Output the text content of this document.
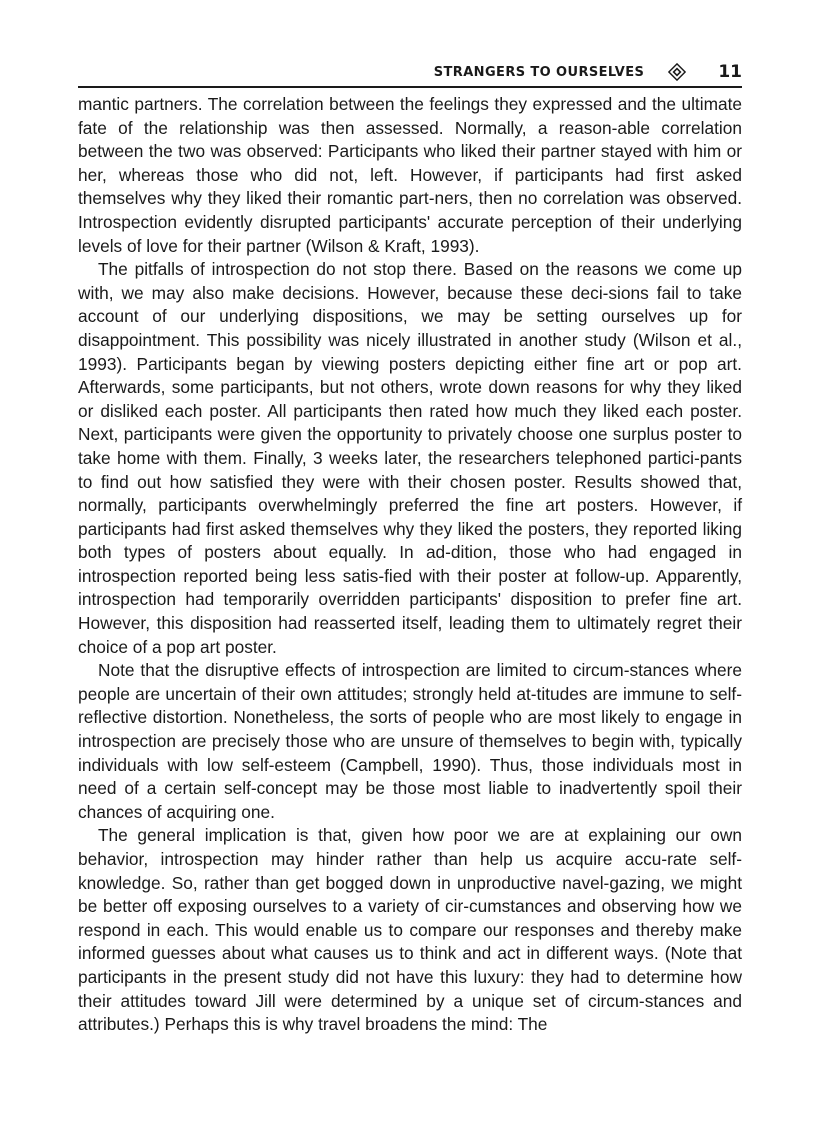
STRANGERS TO OURSELVES	11

mantic partners. The correlation between the feelings they expressed and the ultimate fate of the relationship was then assessed. Normally, a reason-able correlation between the two was observed: Participants who liked their partner stayed with him or her, whereas those who did not, left. However, if participants had first asked themselves why they liked their romantic part-ners, then no correlation was observed. Introspection evidently disrupted participants' accurate perception of their underlying levels of love for their partner (Wilson & Kraft, 1993).

The pitfalls of introspection do not stop there. Based on the reasons we come up with, we may also make decisions. However, because these deci-sions fail to take account of our underlying dispositions, we may be setting ourselves up for disappointment. This possibility was nicely illustrated in another study (Wilson et al., 1993). Participants began by viewing posters depicting either fine art or pop art. Afterwards, some participants, but not others, wrote down reasons for why they liked or disliked each poster. All participants then rated how much they liked each poster. Next, participants were given the opportunity to privately choose one surplus poster to take home with them. Finally, 3 weeks later, the researchers telephoned partici-pants to find out how satisfied they were with their chosen poster. Results showed that, normally, participants overwhelmingly preferred the fine art posters. However, if participants had first asked themselves why they liked the posters, they reported liking both types of posters about equally. In ad-dition, those who had engaged in introspection reported being less satis-fied with their poster at follow-up. Apparently, introspection had temporarily overridden participants' disposition to prefer fine art. However, this disposition had reasserted itself, leading them to ultimately regret their choice of a pop art poster.

Note that the disruptive effects of introspection are limited to circum-stances where people are uncertain of their own attitudes; strongly held at-titudes are immune to self-reflective distortion. Nonetheless, the sorts of people who are most likely to engage in introspection are precisely those who are unsure of themselves to begin with, typically individuals with low self-esteem (Campbell, 1990). Thus, those individuals most in need of a certain self-concept may be those most liable to inadvertently spoil their chances of acquiring one.

The general implication is that, given how poor we are at explaining our own behavior, introspection may hinder rather than help us acquire accu-rate self-knowledge. So, rather than get bogged down in unproductive navel-gazing, we might be better off exposing ourselves to a variety of cir-cumstances and observing how we respond in each. This would enable us to compare our responses and thereby make informed guesses about what causes us to think and act in different ways. (Note that participants in the present study did not have this luxury: they had to determine how their attitudes toward Jill were determined by a unique set of circum-stances and attributes.) Perhaps this is why travel broadens the mind: The
